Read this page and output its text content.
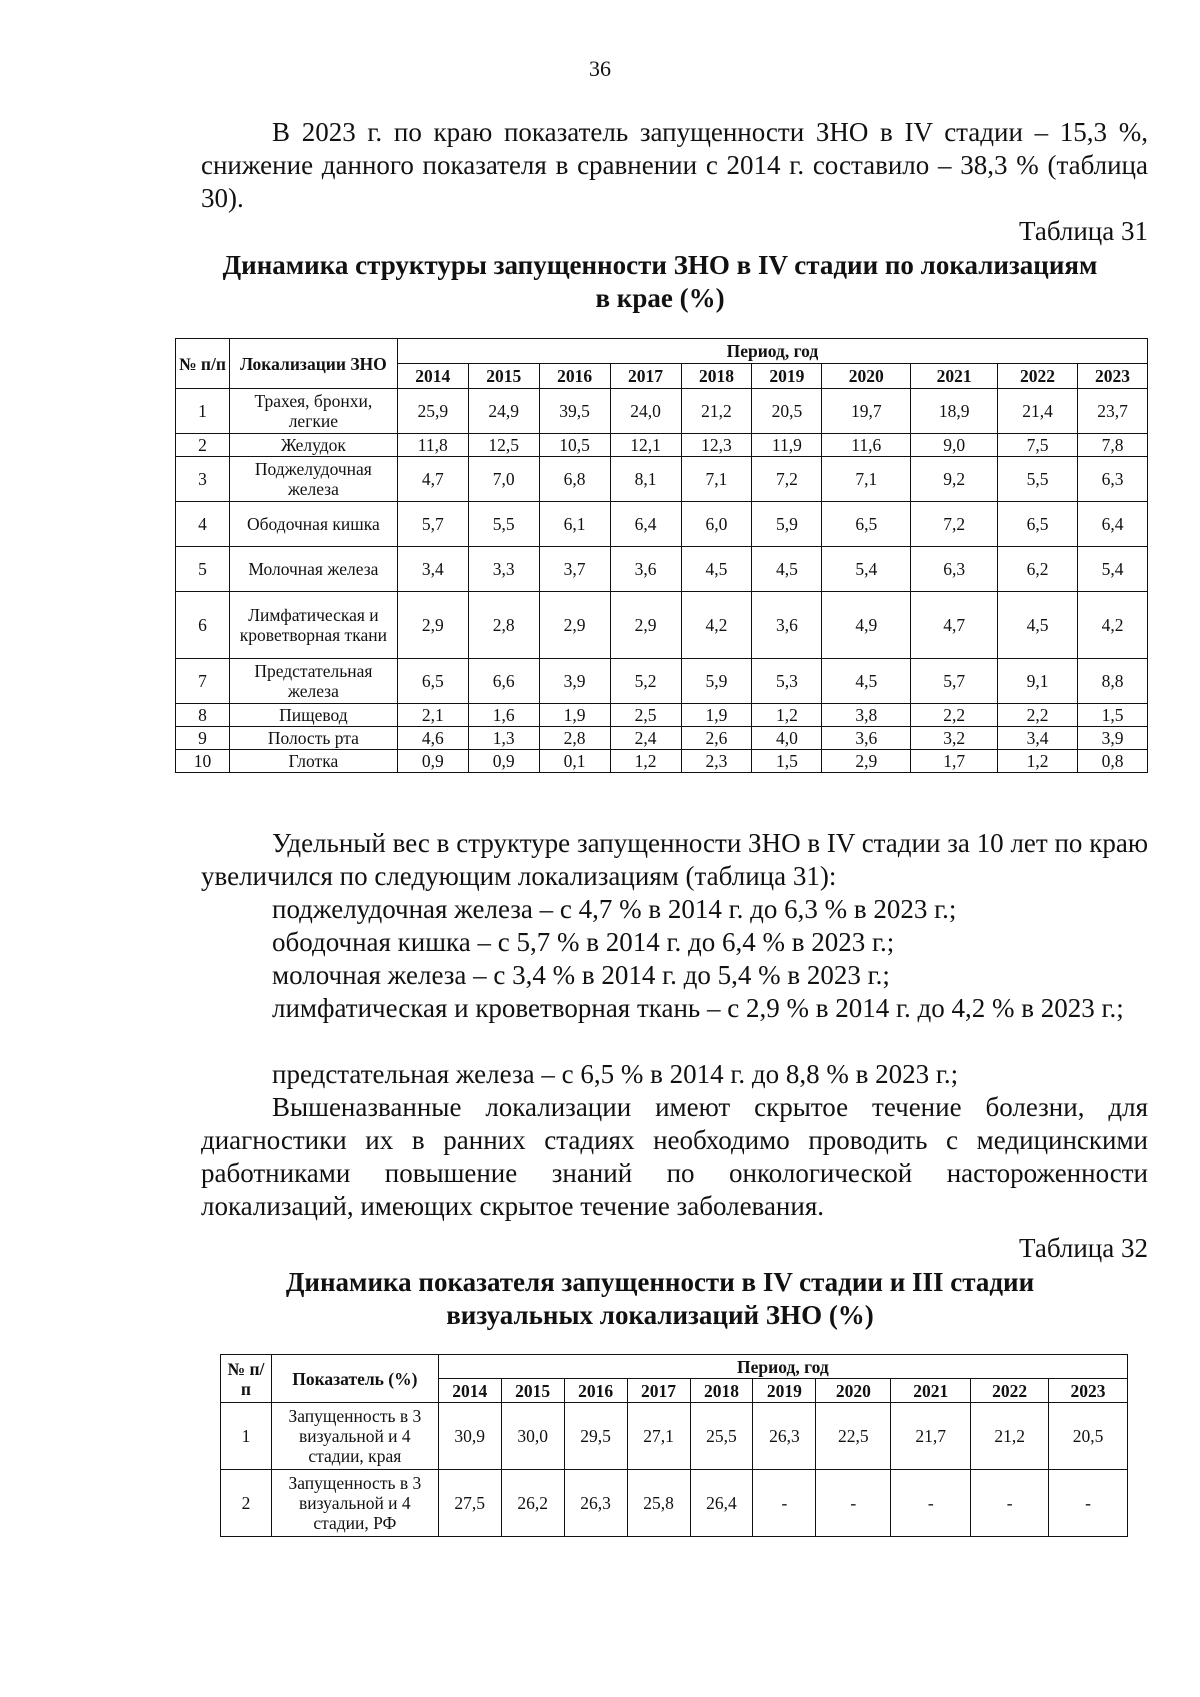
36

В 2023 г. по краю показатель запущенности ЗНО в IV стадии – 15,3 %, снижение данного показателя в сравнении с 2014 г. составило – 38,3 % (таблица 30).

Таблица 31

Динамика структуры запущенности ЗНО в IV стадии по локализациям
в крае (%)

№ п/п	Локализации ЗНО	Период, год									
		2014	2015	2016	2017	2018	2019	2020	2021	2022	2023
1	Трахея, бронхи, легкие	25,9	24,9	39,5	24,0	21,2	20,5	19,7	18,9	21,4	23,7
2	Желудок	11,8	12,5	10,5	12,1	12,3	11,9	11,6	9,0	7,5	7,8
3	Поджелудочная железа	4,7	7,0	6,8	8,1	7,1	7,2	7,1	9,2	5,5	6,3
4	Ободочная кишка	5,7	5,5	6,1	6,4	6,0	5,9	6,5	7,2	6,5	6,4
5	Молочная железа	3,4	3,3	3,7	3,6	4,5	4,5	5,4	6,3	6,2	5,4
6	Лимфатическая и кроветворная ткани	2,9	2,8	2,9	2,9	4,2	3,6	4,9	4,7	4,5	4,2
7	Предстательная железа	6,5	6,6	3,9	5,2	5,9	5,3	4,5	5,7	9,1	8,8
8	Пищевод	2,1	1,6	1,9	2,5	1,9	1,2	3,8	2,2	2,2	1,5
9	Полость рта	4,6	1,3	2,8	2,4	2,6	4,0	3,6	3,2	3,4	3,9
10	Глотка	0,9	0,9	0,1	1,2	2,3	1,5	2,9	1,7	1,2	0,8

Удельный вес в структуре запущенности ЗНО в IV стадии за 10 лет по краю увеличился по следующим локализациям (таблица 31):

поджелудочная железа – с 4,7 % в 2014 г. до 6,3 % в 2023 г.;

ободочная кишка – с 5,7 % в 2014 г. до 6,4 % в 2023 г.;

молочная железа – с 3,4 % в 2014 г. до 5,4 % в 2023 г.;

лимфатическая и кроветворная ткань – с 2,9 % в 2014 г. до 4,2 % в 2023 г.;

предстательная железа – с 6,5 % в 2014 г. до 8,8 % в 2023 г.;

Вышеназванные локализации имеют скрытое течение болезни, для диагностики их в ранних стадиях необходимо проводить с медицинскими работниками повышение знаний по онкологической настороженности локализаций, имеющих скрытое течение заболевания.

Таблица 32

Динамика показателя запущенности в IV стадии и III стадии
визуальных локализаций ЗНО (%)

№ п/п	Показатель (%)	Период, год									
		2014	2015	2016	2017	2018	2019	2020	2021	2022	2023
1	Запущенность в 3 визуальной и 4 стадии, края	30,9	30,0	29,5	27,1	25,5	26,3	22,5	21,7	21,2	20,5
2	Запущенность в 3 визуальной и 4 стадии, РФ	27,5	26,2	26,3	25,8	26,4	-	-	-	-	-
